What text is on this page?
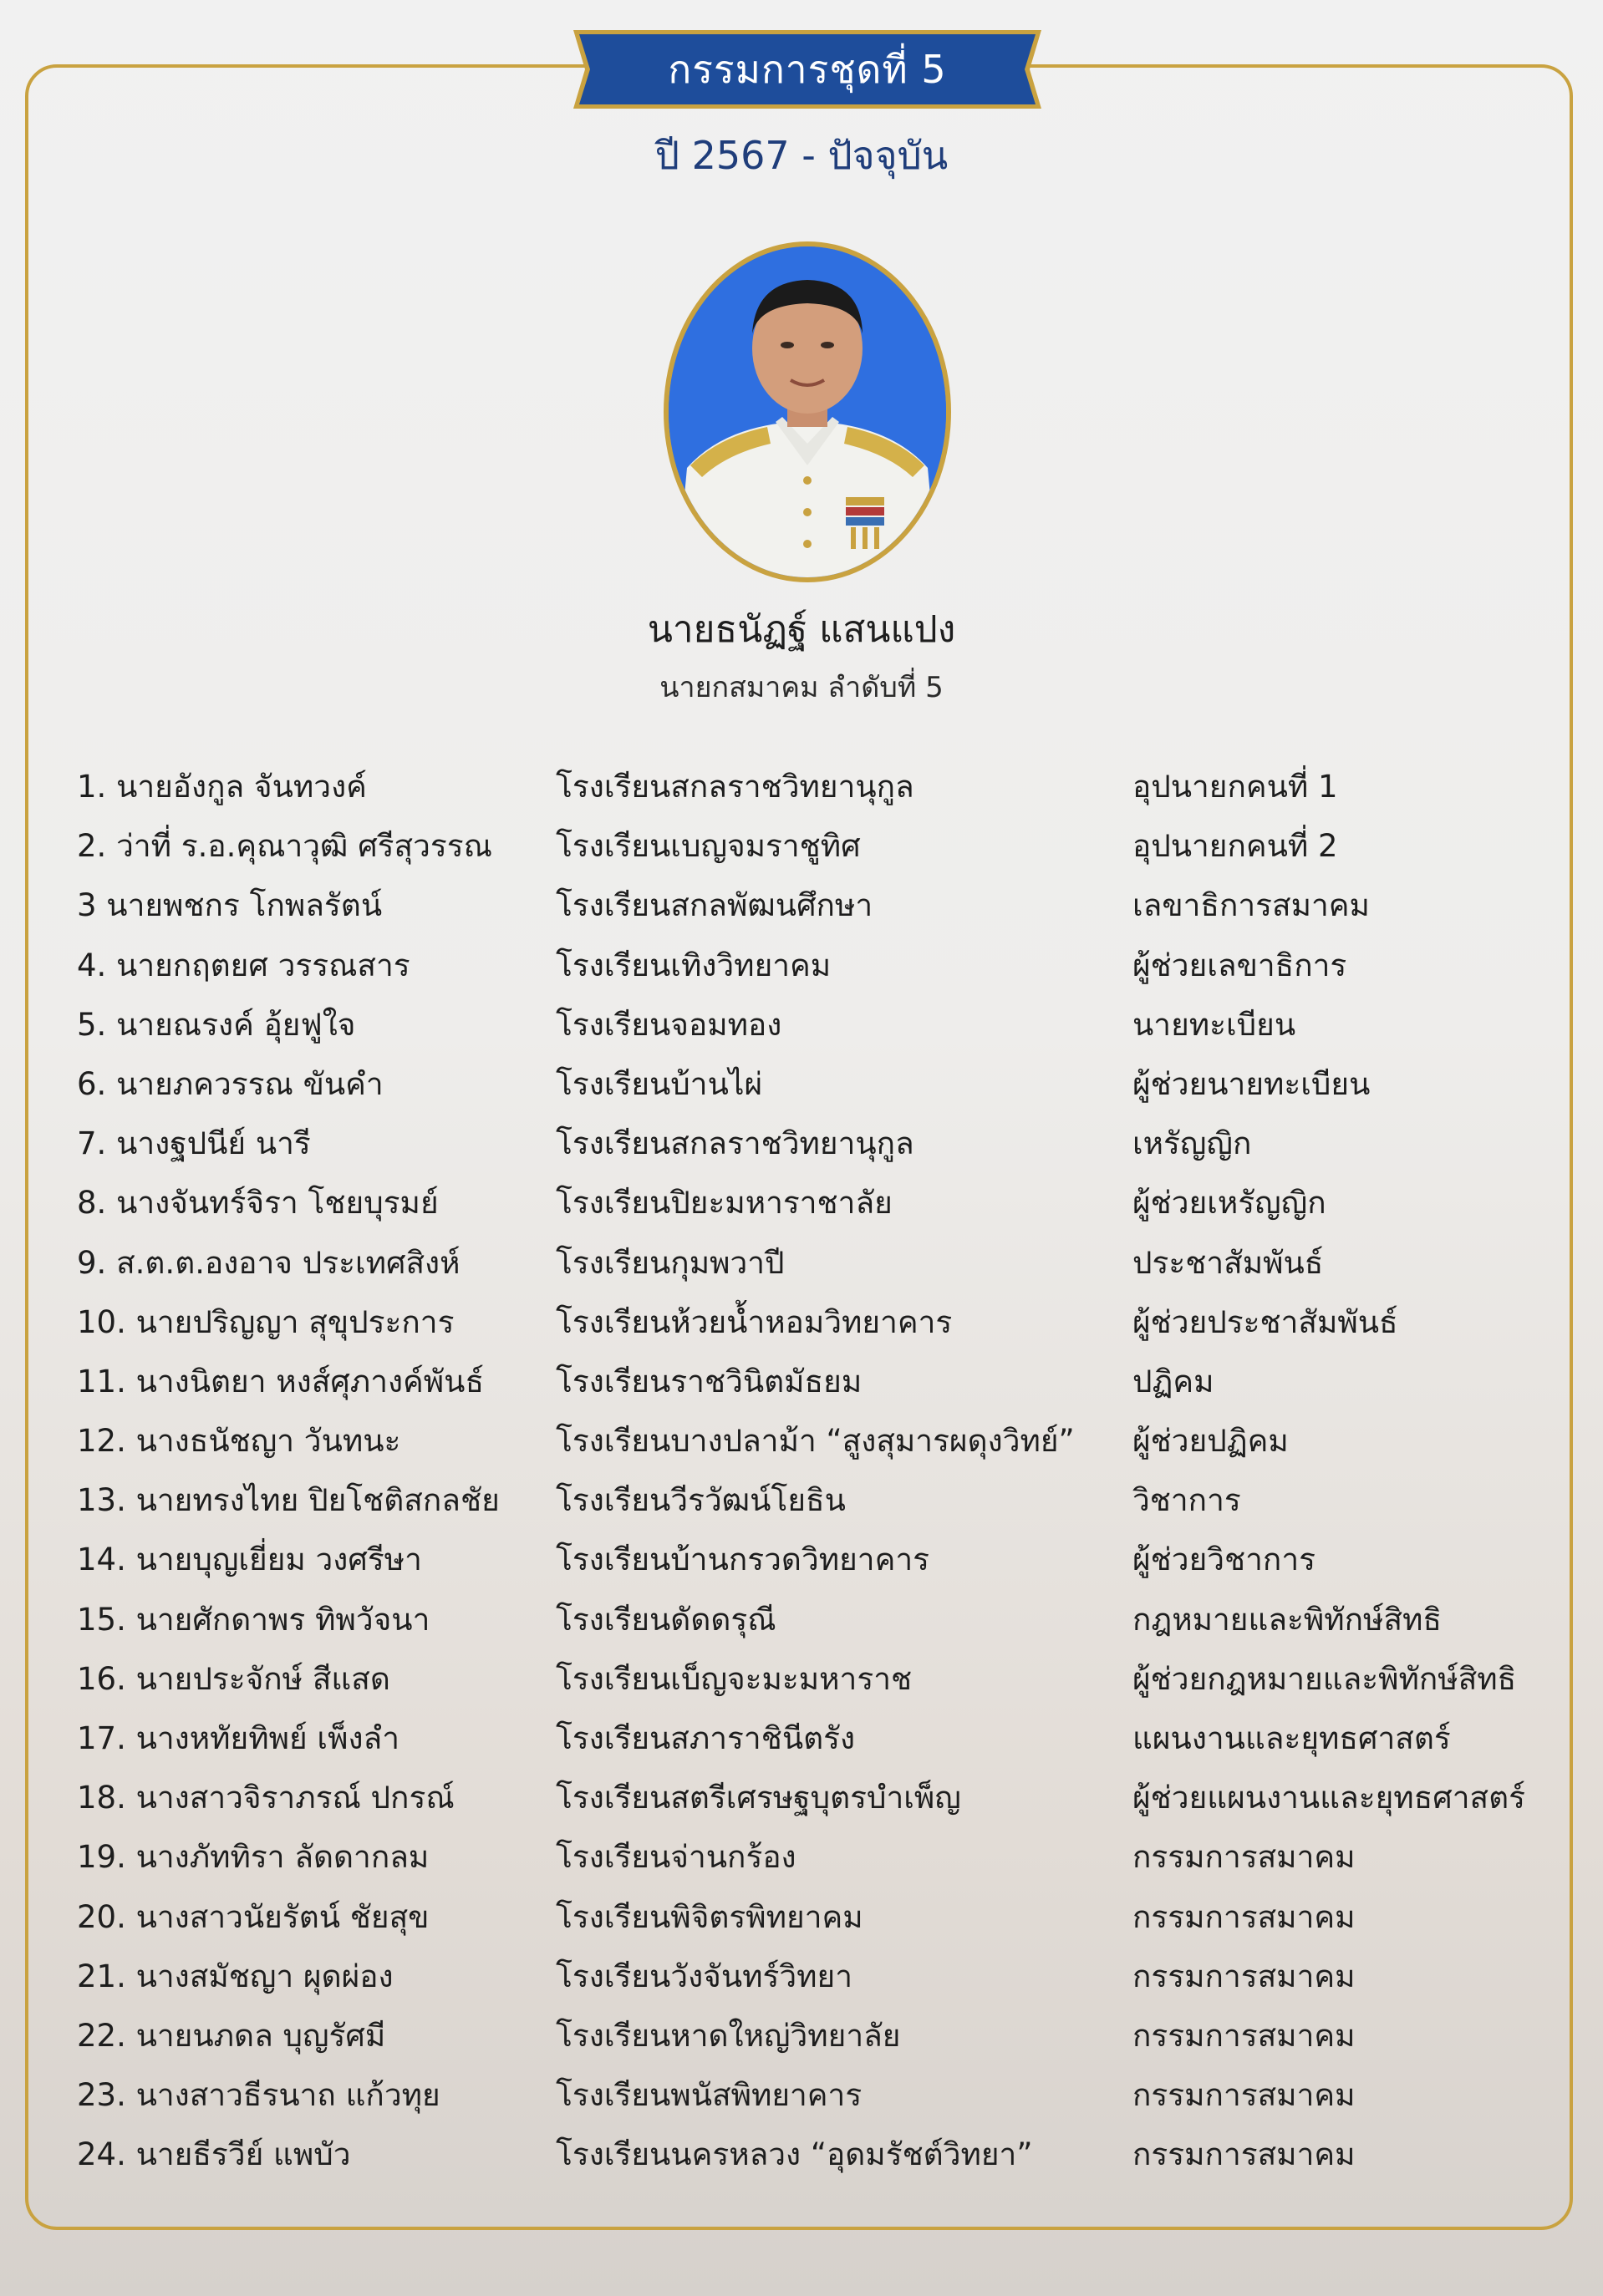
กรรมการชุดที่ 5
ปี 2567 - ปัจจุบัน
นายธนัฏฐ์ แสนแปง
นายกสมาคม ลำดับที่ 5
1. นายอังกูล จันทวงค์	โรงเรียนสกลราชวิทยานุกูล	อุปนายกคนที่ 1
2. ว่าที่ ร.อ.คุณาวุฒิ ศรีสุวรรณ โรงเรียนเบญจมราชูทิศ	อุปนายกคนที่ 2
3 นายพชกร โกพลรัตน์	โรงเรียนสกลพัฒนศึกษา	เลขาธิการสมาคม
4. นายกฤตยศ วรรณสาร	โรงเรียนเทิงวิทยาคม	ผู้ช่วยเลขาธิการ
5. นายณรงค์ อุ้ยฟูใจ	โรงเรียนจอมทอง	นายทะเบียน
6. นายภควรรณ ขันคำ	โรงเรียนบ้านไผ่	ผู้ช่วยนายทะเบียน
7. นางฐปนีย์ นารี	โรงเรียนสกลราชวิทยานุกูล	เหรัญญิก
8. นางจันทร์จิรา โชยบุรมย์	โรงเรียนปิยะมหาราชาลัย	ผู้ช่วยเหรัญญิก
9. ส.ต.ต.องอาจ ประเทศสิงห์	โรงเรียนกุมพวาปี	ประชาสัมพันธ์
10. นายปริญญา สุขุประการ	โรงเรียนห้วยน้ำหอมวิทยาคาร	ผู้ช่วยประชาสัมพันธ์
11. นางนิตยา หงส์ศุภางค์พันธ์ โรงเรียนราชวินิตมัธยม	ปฏิคม
12. นางธนัชญา วันทนะ	โรงเรียนบางปลาม้า “สูงสุมารผดุงวิทย์” ผู้ช่วยปฏิคม
13. นายทรงไทย ปิยโชติสกลชัย โรงเรียนวีรวัฒน์โยธิน	วิชาการ
14. นายบุญเยี่ยม วงศรีษา	โรงเรียนบ้านกรวดวิทยาคาร	ผู้ช่วยวิชาการ
15. นายศักดาพร ทิพวัจนา	โรงเรียนดัดดรุณี	กฎหมายและพิทักษ์สิทธิ
16. นายประจักษ์ สีแสด	โรงเรียนเบ็ญจะมะมหาราช	ผู้ช่วยกฎหมายและพิทักษ์สิทธิ
17. นางหทัยทิพย์ เพ็งลำ	โรงเรียนสภาราชินีตรัง	แผนงานและยุทธศาสตร์
18. นางสาวจิราภรณ์ ปกรณ์	โรงเรียนสตรีเศรษฐบุตรบำเพ็ญ	ผู้ช่วยแผนงานและยุทธศาสตร์
19. นางภัททิรา ลัดดากลม	โรงเรียนจ่านกร้อง	กรรมการสมาคม
20. นางสาวนัยรัตน์ ชัยสุข	โรงเรียนพิจิตรพิทยาคม	กรรมการสมาคม
21. นางสมัชญา ผุดผ่อง	โรงเรียนวังจันทร์วิทยา	กรรมการสมาคม
22. นายนภดล บุญรัศมี	โรงเรียนหาดใหญ่วิทยาลัย	กรรมการสมาคม
23. นางสาวธีรนาถ แก้วทุย	โรงเรียนพนัสพิทยาคาร	กรรมการสมาคม
24. นายธีรวีย์ แพบัว	โรงเรียนนครหลวง “อุดมรัชต์วิทยา”	กรรมการสมาคม
